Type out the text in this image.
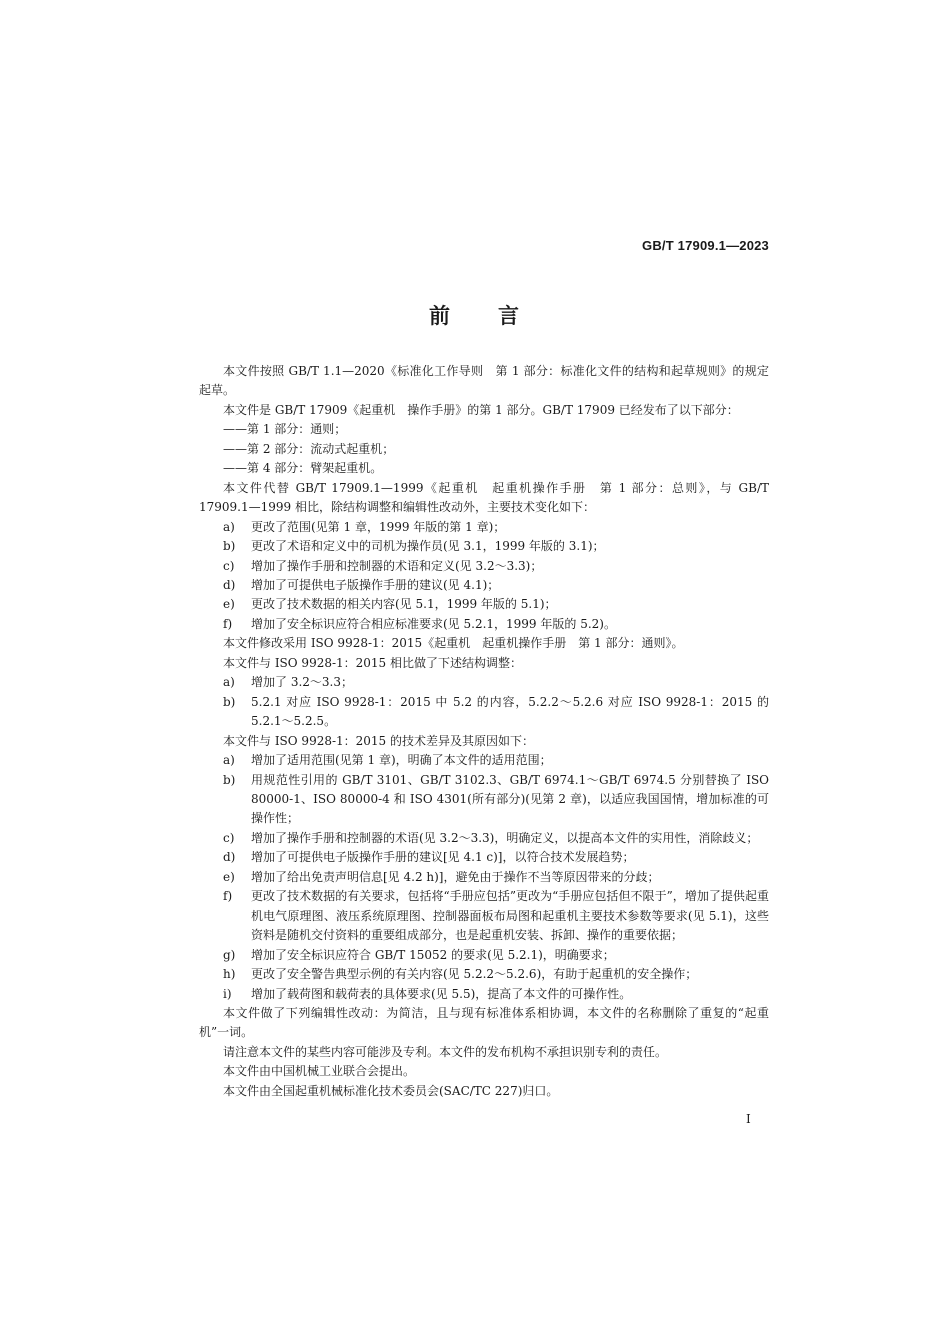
GB/T 17909.1—2023
前 言

本文件按照 GB/T 1.1—2020《标准化工作导则　第 1 部分：标准化文件的结构和起草规则》的规定起草。

本文件是 GB/T 17909《起重机　操作手册》的第 1 部分。GB/T 17909 已经发布了以下部分：

——第 1 部分：通则；

——第 2 部分：流动式起重机；

——第 4 部分：臂架起重机。

本文件代替 GB/T 17909.1—1999《起重机　起重机操作手册　第 1 部分：总则》，与 GB/T 17909.1—1999 相比，除结构调整和编辑性改动外，主要技术变化如下：

a)	更改了范围(见第 1 章，1999 年版的第 1 章)；
b)	更改了术语和定义中的司机为操作员(见 3.1，1999 年版的 3.1)；
c)	增加了操作手册和控制器的术语和定义(见 3.2～3.3)；
d)	增加了可提供电子版操作手册的建议(见 4.1)；
e)	更改了技术数据的相关内容(见 5.1，1999 年版的 5.1)；
f)	增加了安全标识应符合相应标准要求(见 5.2.1，1999 年版的 5.2)。

本文件修改采用 ISO 9928-1：2015《起重机　起重机操作手册　第 1 部分：通则》。

本文件与 ISO 9928-1：2015 相比做了下述结构调整：

a)	增加了 3.2～3.3；
b)	5.2.1 对应 ISO 9928-1：2015 中 5.2 的内容，5.2.2～5.2.6 对应 ISO 9928-1：2015 的 5.2.1～5.2.5。

本文件与 ISO 9928-1：2015 的技术差异及其原因如下：

a)	增加了适用范围(见第 1 章)，明确了本文件的适用范围；
b)	用规范性引用的 GB/T 3101、GB/T 3102.3、GB/T 6974.1～GB/T 6974.5 分别替换了 ISO 80000-1、ISO 80000-4 和 ISO 4301(所有部分)(见第 2 章)，以适应我国国情，增加标准的可操作性；
c)	增加了操作手册和控制器的术语(见 3.2～3.3)，明确定义，以提高本文件的实用性，消除歧义；
d)	增加了可提供电子版操作手册的建议[见 4.1 c)]，以符合技术发展趋势；
e)	增加了给出免责声明信息[见 4.2 h)]，避免由于操作不当等原因带来的分歧；
f)	更改了技术数据的有关要求，包括将“手册应包括”更改为“手册应包括但不限于”，增加了提供起重机电气原理图、液压系统原理图、控制器面板布局图和起重机主要技术参数等要求(见 5.1)，这些资料是随机交付资料的重要组成部分，也是起重机安装、拆卸、操作的重要依据；
g)	增加了安全标识应符合 GB/T 15052 的要求(见 5.2.1)，明确要求；
h)	更改了安全警告典型示例的有关内容(见 5.2.2～5.2.6)，有助于起重机的安全操作；
i)	增加了载荷图和载荷表的具体要求(见 5.5)，提高了本文件的可操作性。

本文件做了下列编辑性改动：为简洁，且与现有标准体系相协调，本文件的名称删除了重复的“起重机”一词。

请注意本文件的某些内容可能涉及专利。本文件的发布机构不承担识别专利的责任。

本文件由中国机械工业联合会提出。

本文件由全国起重机械标准化技术委员会(SAC/TC 227)归口。

I
